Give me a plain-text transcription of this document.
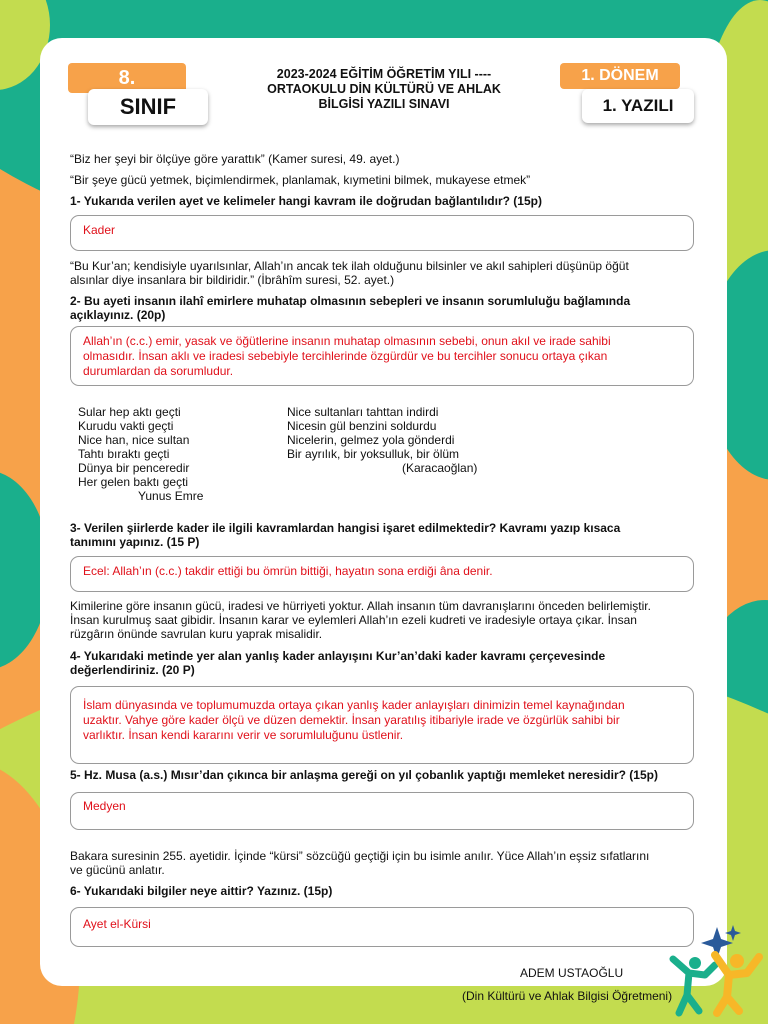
8.
SINIF
2023-2024 EĞİTİM ÖĞRETİM YILI ----
ORTAOKULU DİN KÜLTÜRÜ VE AHLAK
BİLGİSİ YAZILI SINAVI
1. DÖNEM
1. YAZILI
“Biz her şeyi bir ölçüye göre yarattık” (Kamer suresi, 49. ayet.)
“Bir şeye gücü yetmek, biçimlendirmek, planlamak, kıymetini bilmek, mukayese etmek”
1- Yukarıda verilen ayet ve kelimeler hangi kavram ile doğrudan bağlantılıdır? (15p)
Kader
“Bu Kur’an; kendisiyle uyarılsınlar, Allah’ın ancak tek ilah olduğunu bilsinler ve akıl sahipleri düşünüp öğüt
alsınlar diye insanlara bir bildiridir.” (İbrâhîm suresi, 52. ayet.)
2- Bu ayeti insanın ilahî emirlere muhatap olmasının sebepleri ve insanın sorumluluğu bağlamında
açıklayınız. (20p)
Allah’ın (c.c.) emir, yasak ve öğütlerine insanın muhatap olmasının sebebi, onun akıl ve irade sahibi
olmasıdır. İnsan aklı ve iradesi sebebiyle tercihlerinde özgürdür ve bu tercihler sonucu ortaya çıkan
durumlardan da sorumludur.
Sular hep aktı geçti
Kurudu vakti geçti
Nice han, nice sultan
Tahtı bıraktı geçti
Dünya bir penceredir
Her gelen baktı geçti
Yunus Emre
Nice sultanları tahttan indirdi
Nicesin gül benzini soldurdu
Nicelerin, gelmez yola gönderdi
Bir ayrılık, bir yoksulluk, bir ölüm
(Karacaoğlan)
3- Verilen şiirlerde kader ile ilgili kavramlardan hangisi işaret edilmektedir? Kavramı yazıp kısaca
tanımını yapınız. (15 P)
Ecel: Allah’ın (c.c.) takdir ettiği bu ömrün bittiği, hayatın sona erdiği âna denir.
Kimilerine göre insanın gücü, iradesi ve hürriyeti yoktur. Allah insanın tüm davranışlarını önceden belirlemiştir.
İnsan kurulmuş saat gibidir. İnsanın karar ve eylemleri Allah’ın ezeli kudreti ve iradesiyle ortaya çıkar. İnsan
rüzgârın önünde savrulan kuru yaprak misalidir.
4- Yukarıdaki metinde yer alan yanlış kader anlayışını Kur’an’daki kader kavramı çerçevesinde
değerlendiriniz. (20 P)
İslam dünyasında ve toplumumuzda ortaya çıkan yanlış kader anlayışları dinimizin temel kaynağından
uzaktır. Vahye göre kader ölçü ve düzen demektir. İnsan yaratılış itibariyle irade ve özgürlük sahibi bir
varlıktır. İnsan kendi kararını verir ve sorumluluğunu üstlenir.
5- Hz. Musa (a.s.) Mısır’dan çıkınca bir anlaşma gereği on yıl çobanlık yaptığı memleket neresidir? (15p)
Medyen
Bakara suresinin 255. ayetidir. İçinde “kürsi” sözcüğü geçtiği için bu isimle anılır. Yüce Allah’ın eşsiz sıfatlarını
ve gücünü anlatır.
6- Yukarıdaki bilgiler neye aittir? Yazınız. (15p)
Ayet el-Kürsi
ADEM USTAOĞLU
(Din Kültürü ve Ahlak Bilgisi Öğretmeni)
